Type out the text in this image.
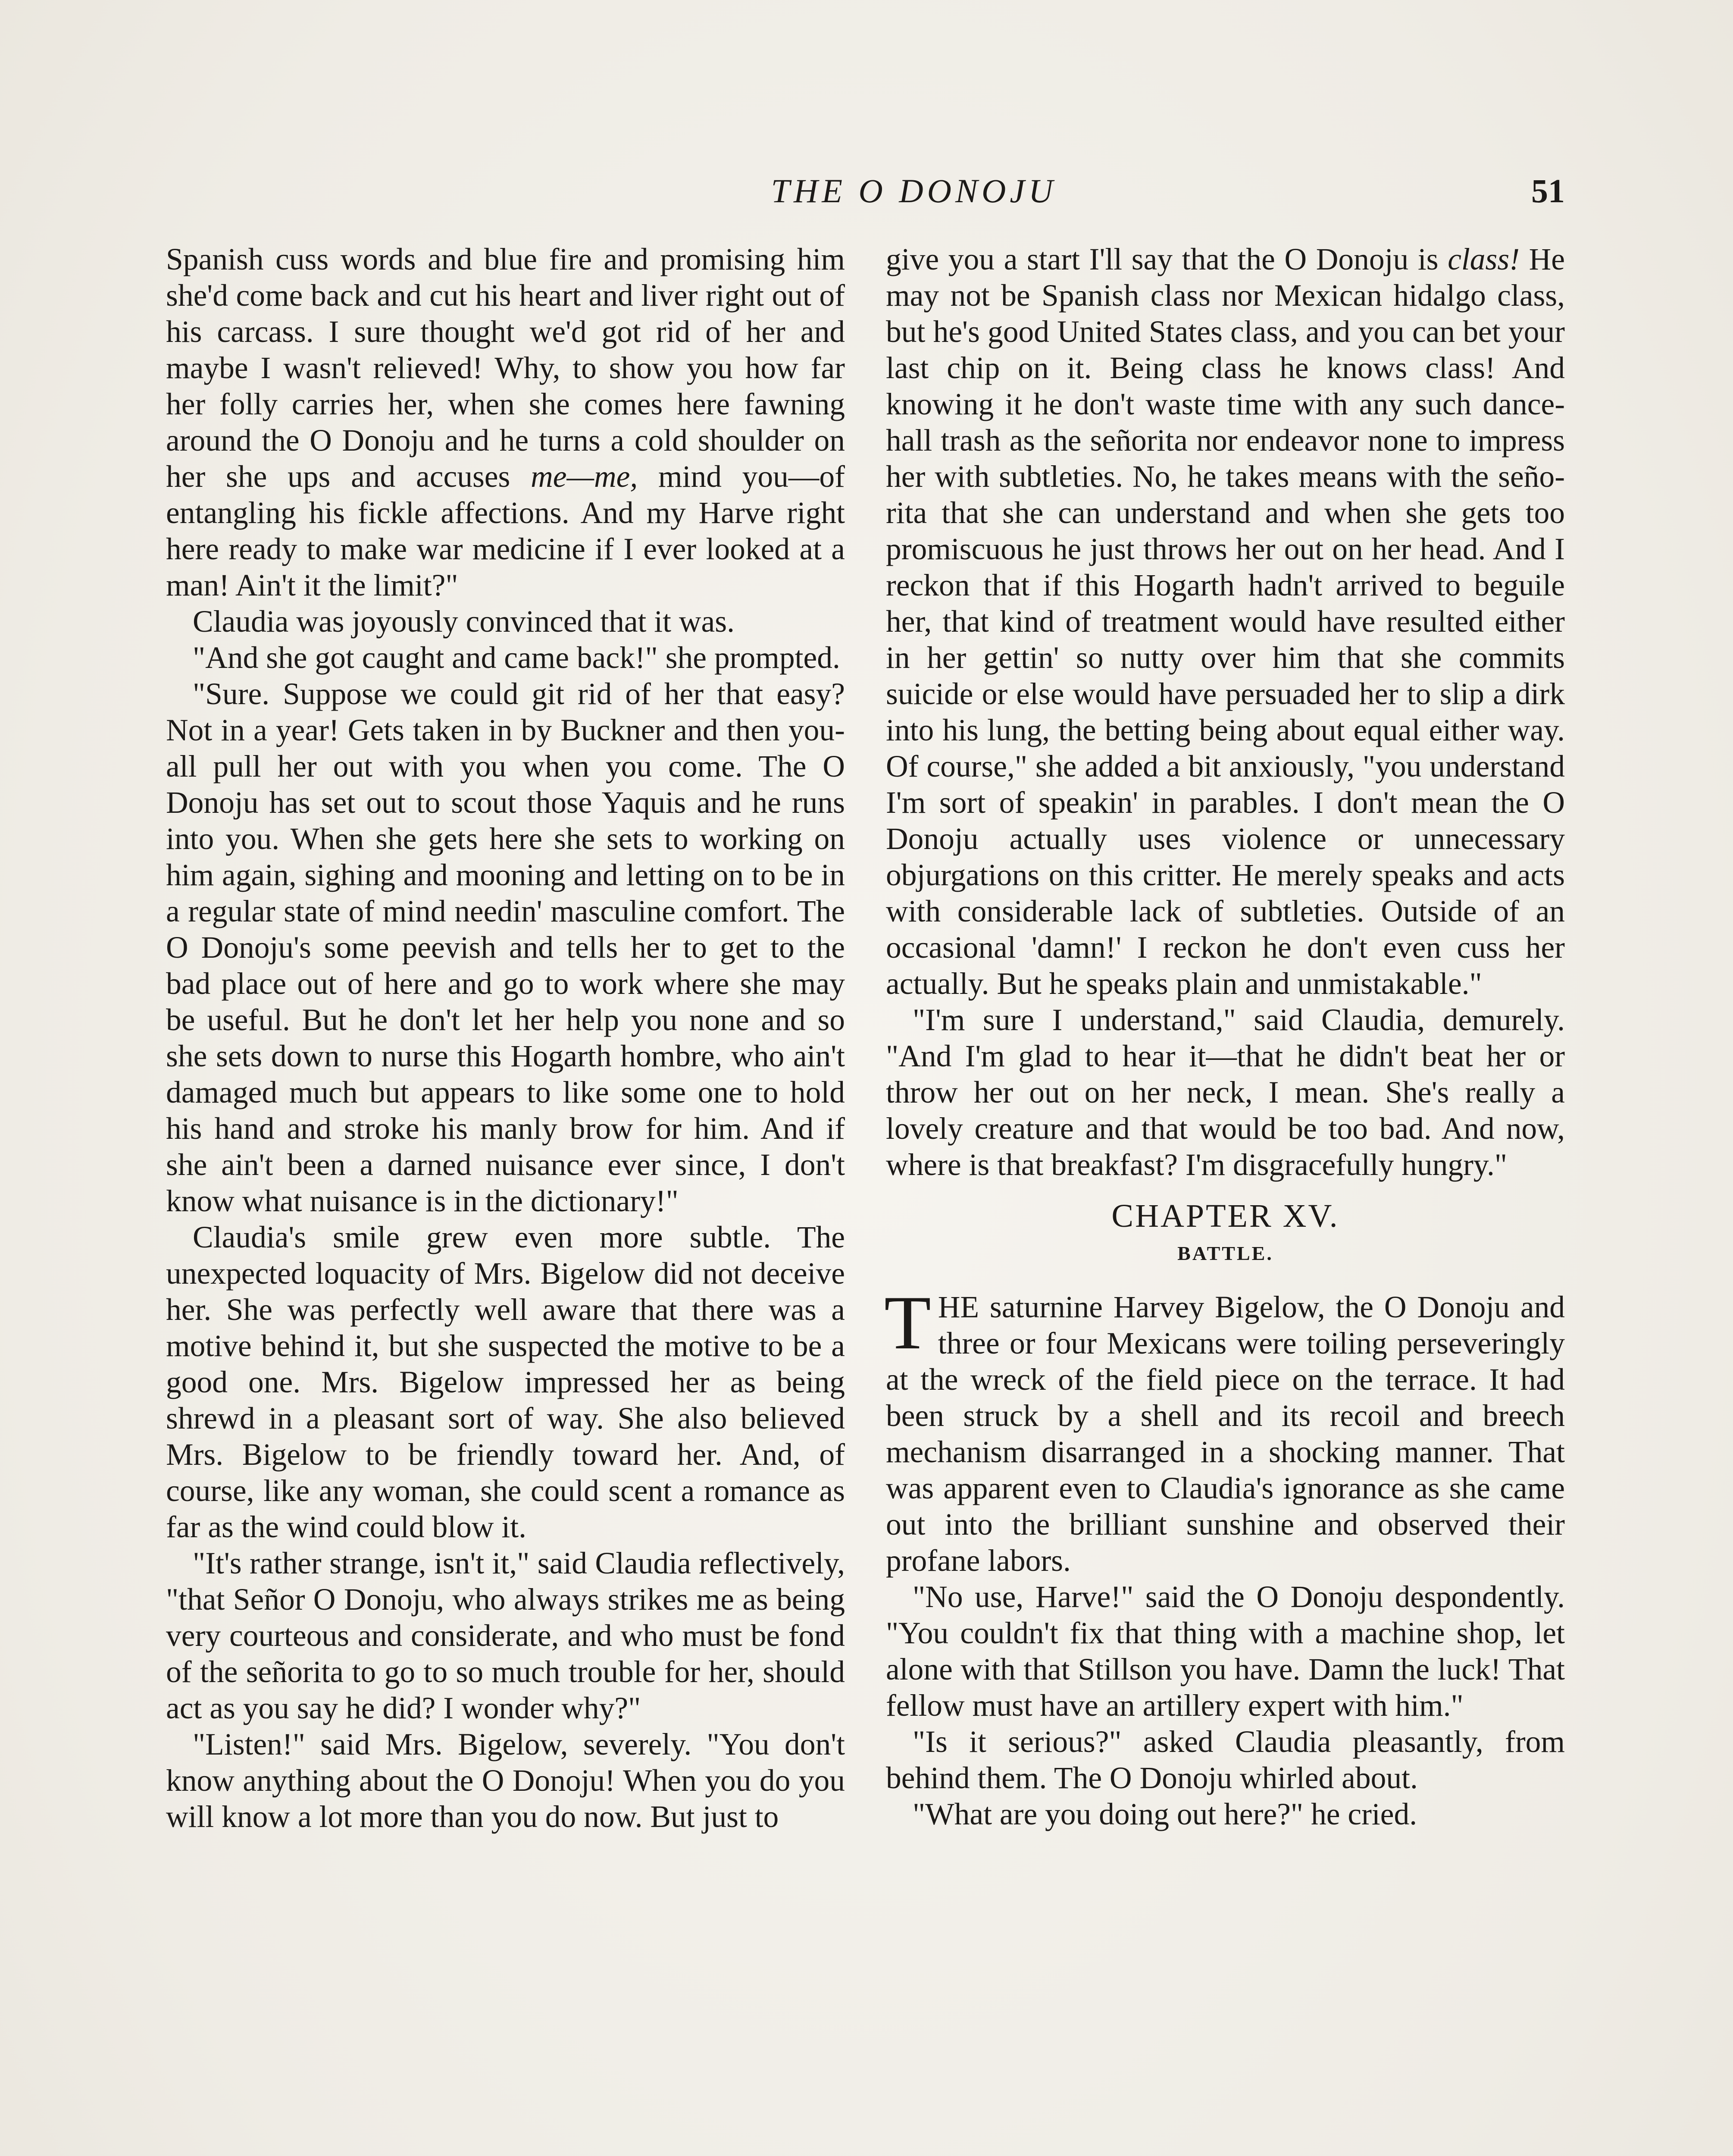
THE O DONOJU	51

Spanish cuss words and blue fire and promising him she'd come back and cut his heart and liver right out of his carcass. I sure thought we'd got rid of her and maybe I wasn't relieved! Why, to show you how far her folly carries her, when she comes here fawning around the O Donoju and he turns a cold shoulder on her she ups and accuses me—me, mind you—of entangling his fickle affections. And my Harve right here ready to make war medicine if I ever looked at a man! Ain't it the limit?"

Claudia was joyously convinced that it was.

"And she got caught and came back!" she prompted.

"Sure. Suppose we could git rid of her that easy? Not in a year! Gets taken in by Buckner and then you-all pull her out with you when you come. The O Donoju has set out to scout those Yaquis and he runs into you. When she gets here she sets to working on him again, sighing and mooning and letting on to be in a regular state of mind needin' masculine comfort. The O Donoju's some peevish and tells her to get to the bad place out of here and go to work where she may be useful. But he don't let her help you none and so she sets down to nurse this Hogarth hombre, who ain't damaged much but appears to like some one to hold his hand and stroke his manly brow for him. And if she ain't been a darned nuisance ever since, I don't know what nuisance is in the dictionary!"

Claudia's smile grew even more subtle. The unexpected loquacity of Mrs. Bigelow did not deceive her. She was perfectly well aware that there was a motive behind it, but she suspected the motive to be a good one. Mrs. Bigelow impressed her as being shrewd in a pleasant sort of way. She also believed Mrs. Bigelow to be friendly toward her. And, of course, like any woman, she could scent a romance as far as the wind could blow it.

"It's rather strange, isn't it," said Claudia reflectively, "that Señor O Donoju, who always strikes me as being very courteous and considerate, and who must be fond of the señorita to go to so much trouble for her, should act as you say he did? I wonder why?"

"Listen!" said Mrs. Bigelow, severely. "You don't know anything about the O Donoju! When you do you will know a lot more than you do now. But just to

give you a start I'll say that the O Donoju is class! He may not be Spanish class nor Mexican hidalgo class, but he's good United States class, and you can bet your last chip on it. Being class he knows class! And knowing it he don't waste time with any such dance-hall trash as the señorita nor endeavor none to impress her with subtleties. No, he takes means with the señorita that she can understand and when she gets too promiscuous he just throws her out on her head. And I reckon that if this Hogarth hadn't arrived to beguile her, that kind of treatment would have resulted either in her gettin' so nutty over him that she commits suicide or else would have persuaded her to slip a dirk into his lung, the betting being about equal either way. Of course," she added a bit anxiously, "you understand I'm sort of speakin' in parables. I don't mean the O Donoju actually uses violence or unnecessary objurgations on this critter. He merely speaks and acts with considerable lack of subtleties. Outside of an occasional 'damn!' I reckon he don't even cuss her actually. But he speaks plain and unmistakable."

"I'm sure I understand," said Claudia, demurely. "And I'm glad to hear it—that he didn't beat her or throw her out on her neck, I mean. She's really a lovely creature and that would be too bad. And now, where is that breakfast? I'm disgracefully hungry."

CHAPTER XV.
BATTLE.

THE saturnine Harvey Bigelow, the O Donoju and three or four Mexicans were toiling perseveringly at the wreck of the field piece on the terrace. It had been struck by a shell and its recoil and breech mechanism disarranged in a shocking manner. That was apparent even to Claudia's ignorance as she came out into the brilliant sunshine and observed their profane labors.

"No use, Harve!" said the O Donoju despondently. "You couldn't fix that thing with a machine shop, let alone with that Stillson you have. Damn the luck! That fellow must have an artillery expert with him."

"Is it serious?" asked Claudia pleasantly, from behind them. The O Donoju whirled about.

"What are you doing out here?" he cried.
